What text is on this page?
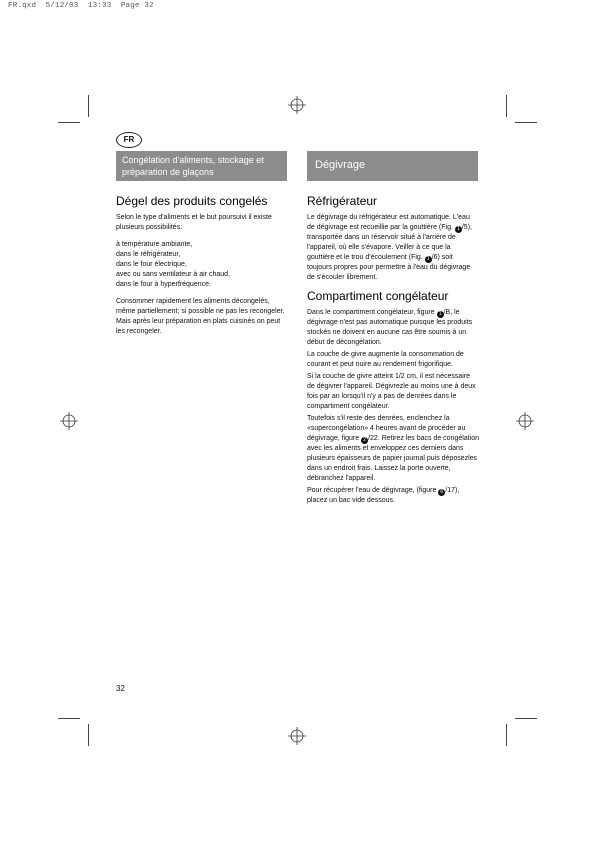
FR.qxd  5/12/03  13:33  Page 32
FR
Congélation d'aliments, stockage et préparation de glaçons
Dégivrage
Dégel des produits congelés

Selon le type d'aliments et le but poursuivi il existe plusieurs possibilités:

à température ambiante,
dans le réfrigérateur,
dans le four électrique,
avec ou sans ventilateur à air chaud,
dans le four à hyperfréquence.

Consommer rapidement les aliments décongelés, même partiellement; si possible ne pas les recongeler. Mais après leur préparation en plats cuisinés on peut les recongeler.

Réfrigérateur

Le dégivrage du réfrigérateur est automatique. L'eau de dégivrage est recueillie par la gouttière (Fig. 1 /5), transportée dans un réservoir situé à l'arrière de l'appareil, où elle s'évapore. Veiller à ce que la gouttière et le trou d'écoulement (Fig. 1 /6) soit toujours propres pour permettre à l'eau du dégivrage de s'écouler librement.

Compartiment congélateur

Dans le compartiment congélateur, figure 1 /B, le dégivrage n'est pas automatique puisque les produits stockés ne doivent en aucune cas être soumis à un début de décongélation.

La couche de givre augmente la consommation de courant et peut nuire au rendement frigorifique.

Si la couche de givre atteint 1/2 cm, il est nécessaire de dégivrer l'appareil. Dégivrezle au moins une à deux fois par an lorsqu'il n'y a pas de denrées dans le compartiment congélateur.

Toutefois s'il reste des denrées, enclenchez la «supercongélation» 4 heures avant de procéder au dégivrage, figure 2 /22. Retirez les bacs de congélation avec les aliments et enveloppez ces derniers dans plusieurs épaisseurs de papier journal puis déposezles dans un endroit frais. Laissez la porte ouverte, débranchez l'appareil.

Pour récupérer l'eau de dégivrage, (figure 6 /17), placez un bac vide dessous.

32
